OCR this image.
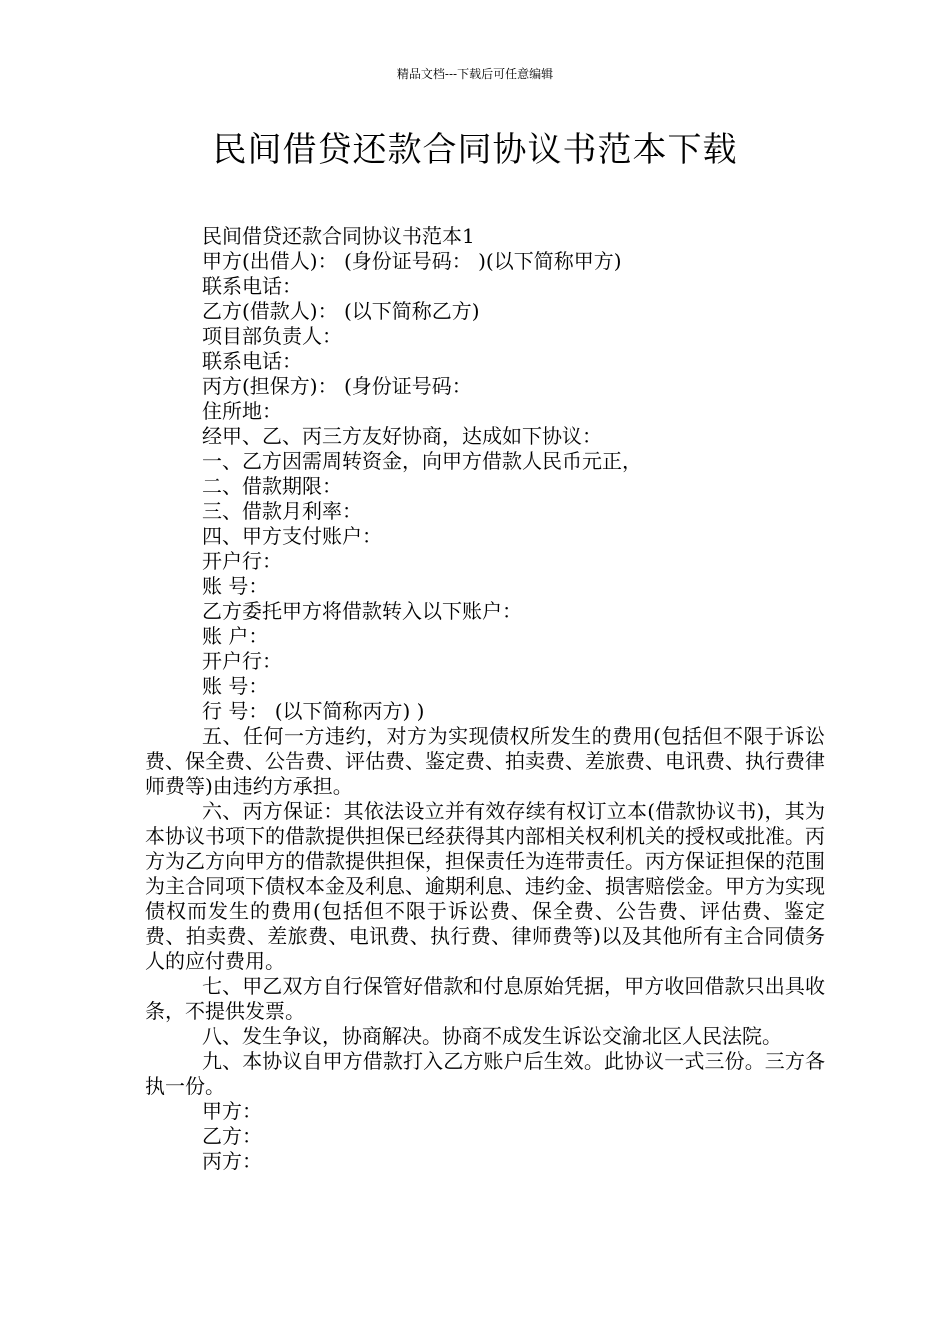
精品文档---下载后可任意编辑
民间借贷还款合同协议书范本下载
民间借贷还款合同协议书范本1
甲方(出借人)： (身份证号码： )(以下简称甲方)
联系电话：
乙方(借款人)： (以下简称乙方)
项目部负责人：
联系电话：
丙方(担保方)： (身份证号码：
住所地：
经甲、乙、丙三方友好协商，达成如下协议：
一、乙方因需周转资金，向甲方借款人民币元正，
二、借款期限：
三、借款月利率：
四、甲方支付账户：
开户行：
账 号：
乙方委托甲方将借款转入以下账户：
账 户：
开户行：
账 号：
行 号： (以下简称丙方) )
五、任何一方违约，对方为实现债权所发生的费用(包括但不限于诉讼费、保全费、公告费、评估费、鉴定费、拍卖费、差旅费、电讯费、执行费律师费等)由违约方承担。
六、丙方保证：其依法设立并有效存续有权订立本(借款协议书)，其为本协议书项下的借款提供担保已经获得其内部相关权利机关的授权或批准。丙方为乙方向甲方的借款提供担保，担保责任为连带责任。丙方保证担保的范围为主合同项下债权本金及利息、逾期利息、违约金、损害赔偿金。甲方为实现债权而发生的费用(包括但不限于诉讼费、保全费、公告费、评估费、鉴定费、拍卖费、差旅费、电讯费、执行费、律师费等)以及其他所有主合同债务人的应付费用。
七、甲乙双方自行保管好借款和付息原始凭据，甲方收回借款只出具收条，不提供发票。
八、发生争议，协商解决。协商不成发生诉讼交渝北区人民法院。
九、本协议自甲方借款打入乙方账户后生效。此协议一式三份。三方各执一份。
甲方：
乙方：
丙方：
